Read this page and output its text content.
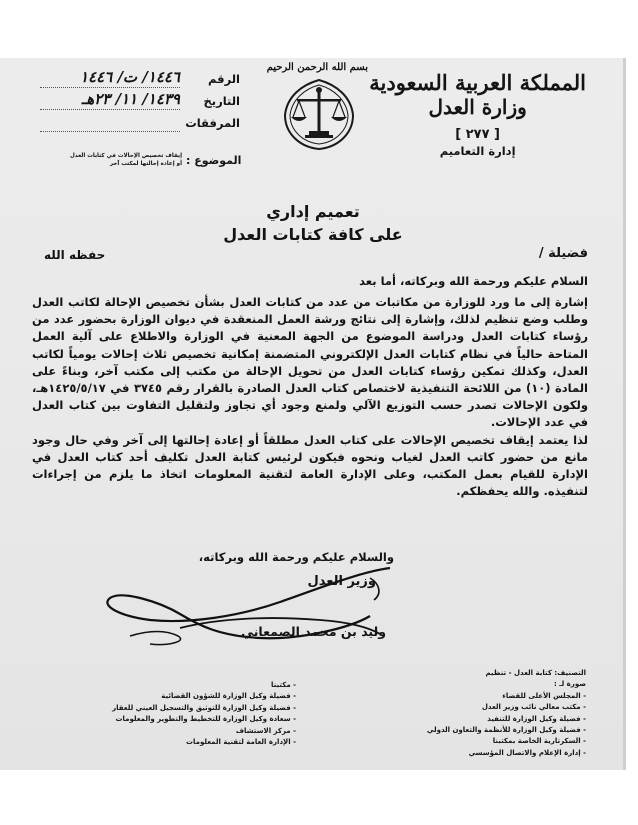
المملكة العربية السعودية
وزارة العدل
[ ٢٧٧ ]
إدارة التعاميم
بسم الله الرحمن الرحيم
الرقم
١٤٤٦/ ت/ ١٤٤٦
التاريخ
١٤٣٩/ ١١/ ٢٣هـ
المرفقات
الموضوع :
إيقاف تخصيص الإحالات في كتابات العدل أو إعادة إحالتها لمكتب آخر
تعميم إداري
على كافة كتابات العدل
فضيلة /
حفظه الله
السلام عليكم ورحمة الله وبركاته، أما بعد

إشارة إلى ما ورد للوزارة من مكاتبات من عدد من كتابات العدل بشأن تخصيص الإحالة لكاتب العدل وطلب وضع تنظيم لذلك، وإشارة إلى نتائج ورشة العمل المنعقدة في ديوان الوزارة بحضور عدد من رؤساء كتابات العدل ودراسة الموضوع من الجهة المعنية في الوزارة والاطلاع على آلية العمل المتاحة حالياً في نظام كتابات العدل الإلكتروني المتضمنة إمكانية تخصيص ثلاث إحالات يومياً لكاتب العدل، وكذلك تمكين رؤساء كتابات العدل من تحويل الإحالة من مكتب إلى مكتب آخر، وبناءً على المادة (١٠) من اللائحة التنفيذية لاختصاص كتاب العدل الصادرة بالقرار رقم ٣٧٤٥ في ١٤٢٥/٥/١٧هـ، ولكون الإحالات تصدر حسب التوزيع الآلي ولمنع وجود أي تجاوز ولتقليل التفاوت بين كتاب العدل في عدد الإحالات.

لذا يعتمد إيقاف تخصيص الإحالات على كتاب العدل مطلقاً أو إعادة إحالتها إلى آخر وفي حال وجود مانع من حضور كاتب العدل لغياب ونحوه فيكون لرئيس كتابة العدل تكليف أحد كتاب العدل في الإدارة للقيام بعمل المكتب، وعلى الإدارة العامة لتقنية المعلومات اتخاذ ما يلزم من إجراءات لتنفيذه. والله يحفظكم.

والسلام عليكم ورحمة الله وبركاته،
وزير العدل
وليد بن محمد الصمعاني
التصنيف: كتابة العدل - تنظيم
صورة لـ :
- المجلس الأعلى للقضاء
- مكتب معالي نائب وزير العدل
- فضيلة وكيل الوزارة للتنفيذ
- فضيلة وكيل الوزارة للأنظمة والتعاون الدولي
- السكرتارية الخاصة بمكتبنا
- إدارة الإعلام والاتصال المؤسسي
- مكتبنا
- فضيلة وكيل الوزارة للشؤون القضائية
- فضيلة وكيل الوزارة للتوثيق والتسجيل العيني للعقار
- سعادة وكيل الوزارة للتخطيط والتطوير والمعلومات
- مركز الاستشاف
- الإدارة العامة لتقنية المعلومات
